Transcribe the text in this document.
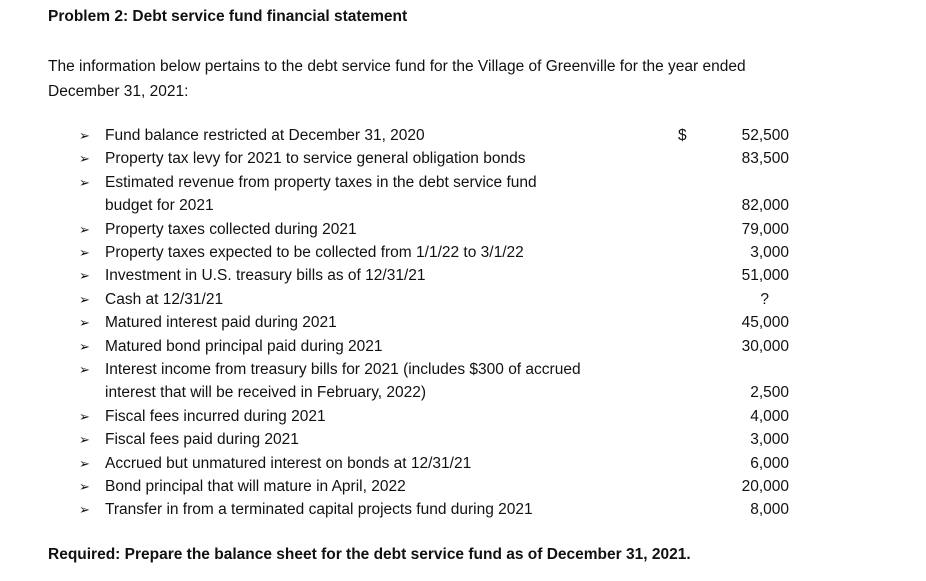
Problem 2: Debt service fund financial statement
The information below pertains to the debt service fund for the Village of Greenville for the year ended December 31, 2021:
➢ Fund balance restricted at December 31, 2020	$	52,500
➢ Property tax levy for 2021 to service general obligation bonds	83,500
➢ Estimated revenue from property taxes in the debt service fund
budget for 2021	82,000
➢ Property taxes collected during 2021	79,000
➢ Property taxes expected to be collected from 1/1/22 to 3/1/22	3,000
➢ Investment in U.S. treasury bills as of 12/31/21	51,000
➢ Cash at 12/31/21	?
➢ Matured interest paid during 2021	45,000
➢ Matured bond principal paid during 2021	30,000
➢ Interest income from treasury bills for 2021 (includes $300 of accrued
interest that will be received in February, 2022)	2,500
➢ Fiscal fees incurred during 2021	4,000
➢ Fiscal fees paid during 2021	3,000
➢ Accrued but unmatured interest on bonds at 12/31/21	6,000
➢ Bond principal that will mature in April, 2022	20,000
➢ Transfer in from a terminated capital projects fund during 2021	8,000
Required: Prepare the balance sheet for the debt service fund as of December 31, 2021.
